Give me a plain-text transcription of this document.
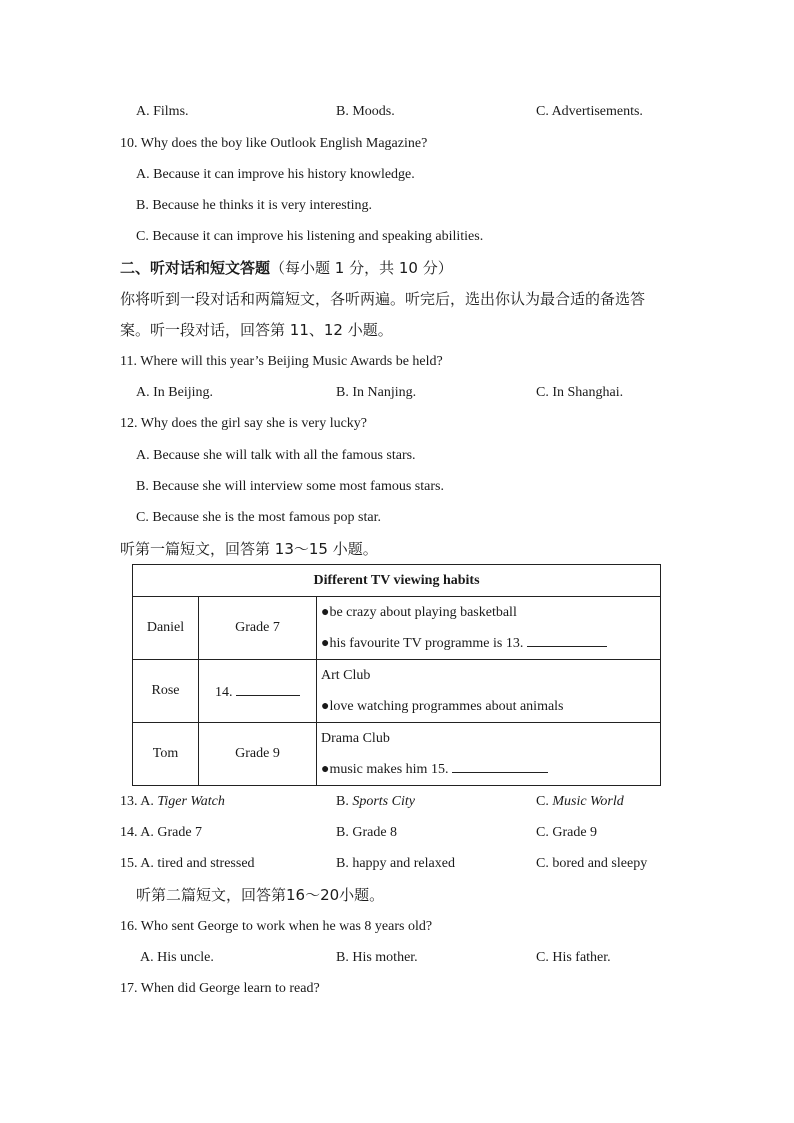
A. Films.	B. Moods.	C. Advertisements.
10. Why does the boy like Outlook English Magazine?
A. Because it can improve his history knowledge.
B. Because he thinks it is very interesting.
C. Because it can improve his listening and speaking abilities.
二、听对话和短文答题（每小题 1 分，共 10 分）
你将听到一段对话和两篇短文，各听两遍。听完后，选出你认为最合适的备选答
案。听一段对话，回答第 11、12 小题。
11. Where will this year’s Beijing Music Awards be held?
A. In Beijing.	B. In Nanjing.	C. In Shanghai.
12. Why does the girl say she is very lucky?
A. Because she will talk with all the famous stars.
B. Because she will interview some most famous stars.
C. Because she is the most famous pop star.
听第一篇短文，回答第 13～15 小题。
Different TV viewing habits		
Daniel	Grade 7	●be crazy about playing basketball
●his favourite TV programme is 13.

Rose	14.	Art Club
●love watching programmes about animals

Tom	Grade 9	Drama Club
●music makes him 15.
13. A. Tiger Watch	B. Sports City	C. Music World
14. A. Grade 7	B. Grade 8	C. Grade 9
15. A. tired and stressed	B. happy and relaxed	C. bored and sleepy
听第二篇短文，回答第16～20小题。
16. Who sent George to work when he was 8 years old?
A. His uncle.	B. His mother.	C. His father.
17. When did George learn to read?
